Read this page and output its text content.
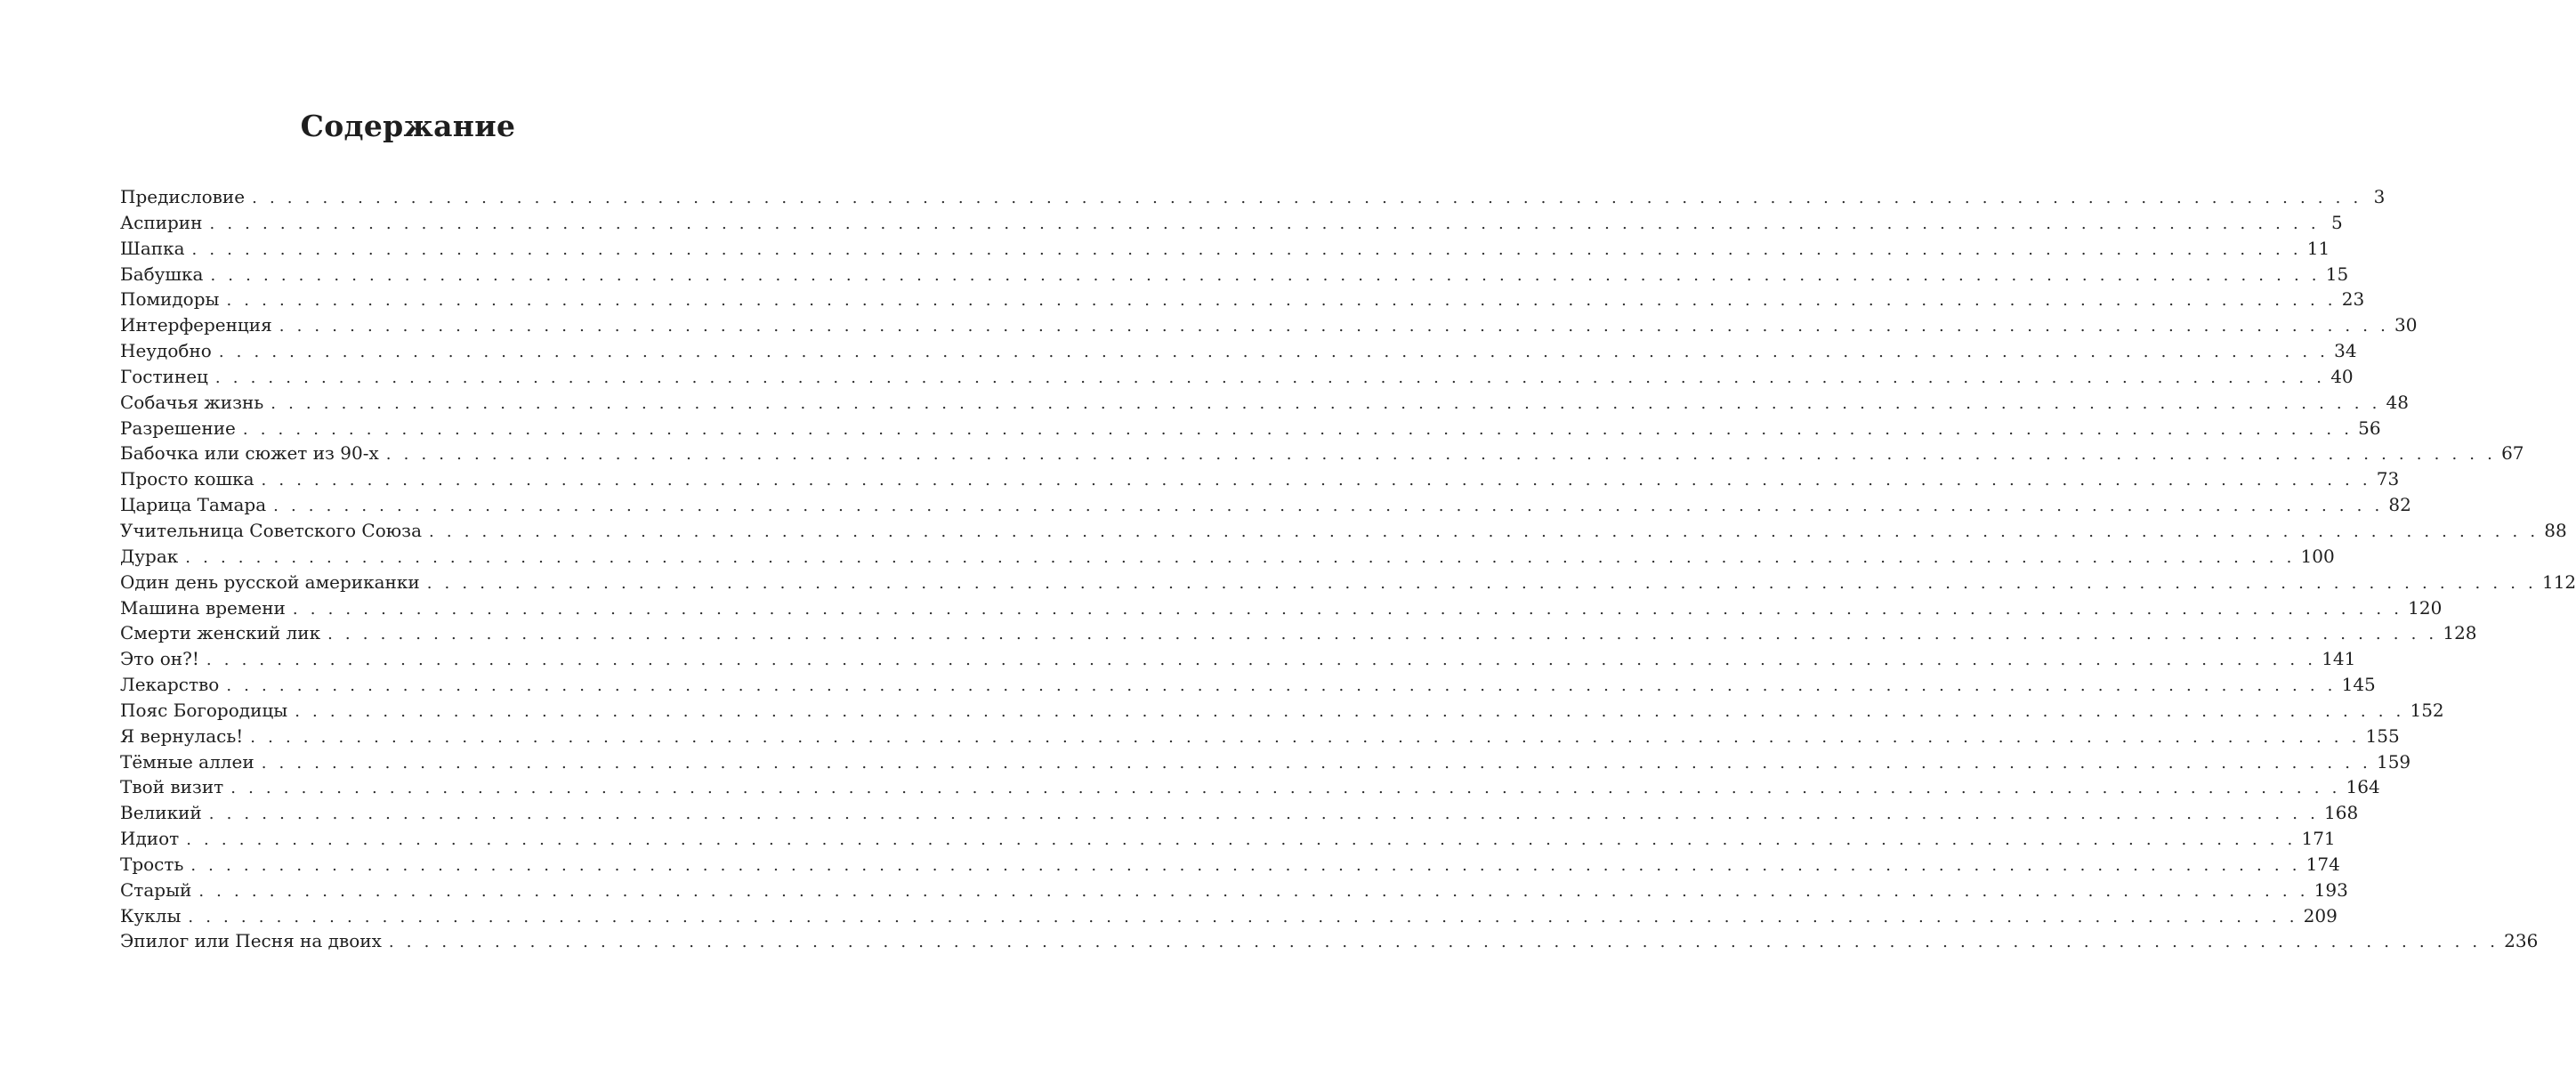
Содержание
Предисловие . . . . . . . . . . . . . . . . . . . . . . . . . . . . . . . . . . . . . . . . . . . . . . . . . . . . . . . . . . . . . . . . . . . . . . . . . . . . . . . . . . . . . . . . . . . . . . . . . . . . . . . . . . . . . . . . . . . . . . . . 3
Аспирин . . . . . . . . . . . . . . . . . . . . . . . . . . . . . . . . . . . . . . . . . . . . . . . . . . . . . . . . . . . . . . . . . . . . . . . . . . . . . . . . . . . . . . . . . . . . . . . . . . . . . . . . . . . . . . . . . . . . . . . . 5
Шапка . . . . . . . . . . . . . . . . . . . . . . . . . . . . . . . . . . . . . . . . . . . . . . . . . . . . . . . . . . . . . . . . . . . . . . . . . . . . . . . . . . . . . . . . . . . . . . . . . . . . . . . . . . . . . . . . . . . . . . . . 11
Бабушка . . . . . . . . . . . . . . . . . . . . . . . . . . . . . . . . . . . . . . . . . . . . . . . . . . . . . . . . . . . . . . . . . . . . . . . . . . . . . . . . . . . . . . . . . . . . . . . . . . . . . . . . . . . . . . . . . . . . . . . . 15
Помидоры . . . . . . . . . . . . . . . . . . . . . . . . . . . . . . . . . . . . . . . . . . . . . . . . . . . . . . . . . . . . . . . . . . . . . . . . . . . . . . . . . . . . . . . . . . . . . . . . . . . . . . . . . . . . . . . . . . . . . . . . 23
Интерференция . . . . . . . . . . . . . . . . . . . . . . . . . . . . . . . . . . . . . . . . . . . . . . . . . . . . . . . . . . . . . . . . . . . . . . . . . . . . . . . . . . . . . . . . . . . . . . . . . . . . . . . . . . . . . . . . . . . . . . . . 30
Неудобно . . . . . . . . . . . . . . . . . . . . . . . . . . . . . . . . . . . . . . . . . . . . . . . . . . . . . . . . . . . . . . . . . . . . . . . . . . . . . . . . . . . . . . . . . . . . . . . . . . . . . . . . . . . . . . . . . . . . . . . . 34
Гостинец . . . . . . . . . . . . . . . . . . . . . . . . . . . . . . . . . . . . . . . . . . . . . . . . . . . . . . . . . . . . . . . . . . . . . . . . . . . . . . . . . . . . . . . . . . . . . . . . . . . . . . . . . . . . . . . . . . . . . . . . 40
Собачья жизнь . . . . . . . . . . . . . . . . . . . . . . . . . . . . . . . . . . . . . . . . . . . . . . . . . . . . . . . . . . . . . . . . . . . . . . . . . . . . . . . . . . . . . . . . . . . . . . . . . . . . . . . . . . . . . . . . . . . . . . . . 48
Разрешение . . . . . . . . . . . . . . . . . . . . . . . . . . . . . . . . . . . . . . . . . . . . . . . . . . . . . . . . . . . . . . . . . . . . . . . . . . . . . . . . . . . . . . . . . . . . . . . . . . . . . . . . . . . . . . . . . . . . . . . . 56
Бабочка или сюжет из 90-х . . . . . . . . . . . . . . . . . . . . . . . . . . . . . . . . . . . . . . . . . . . . . . . . . . . . . . . . . . . . . . . . . . . . . . . . . . . . . . . . . . . . . . . . . . . . . . . . . . . . . . . . . . . . . . . . . . . . . . . . 67
Просто кошка . . . . . . . . . . . . . . . . . . . . . . . . . . . . . . . . . . . . . . . . . . . . . . . . . . . . . . . . . . . . . . . . . . . . . . . . . . . . . . . . . . . . . . . . . . . . . . . . . . . . . . . . . . . . . . . . . . . . . . . . 73
Царица Тамара . . . . . . . . . . . . . . . . . . . . . . . . . . . . . . . . . . . . . . . . . . . . . . . . . . . . . . . . . . . . . . . . . . . . . . . . . . . . . . . . . . . . . . . . . . . . . . . . . . . . . . . . . . . . . . . . . . . . . . . . 82
Учительница Советского Союза . . . . . . . . . . . . . . . . . . . . . . . . . . . . . . . . . . . . . . . . . . . . . . . . . . . . . . . . . . . . . . . . . . . . . . . . . . . . . . . . . . . . . . . . . . . . . . . . . . . . . . . . . . . . . . . . . . . . . . . . 88
Дурак . . . . . . . . . . . . . . . . . . . . . . . . . . . . . . . . . . . . . . . . . . . . . . . . . . . . . . . . . . . . . . . . . . . . . . . . . . . . . . . . . . . . . . . . . . . . . . . . . . . . . . . . . . . . . . . . . . . . . . . . 100
Один день русской американки . . . . . . . . . . . . . . . . . . . . . . . . . . . . . . . . . . . . . . . . . . . . . . . . . . . . . . . . . . . . . . . . . . . . . . . . . . . . . . . . . . . . . . . . . . . . . . . . . . . . . . . . . . . . . . . . . . . . . . . . 112
Машина времени . . . . . . . . . . . . . . . . . . . . . . . . . . . . . . . . . . . . . . . . . . . . . . . . . . . . . . . . . . . . . . . . . . . . . . . . . . . . . . . . . . . . . . . . . . . . . . . . . . . . . . . . . . . . . . . . . . . . . . . . 120
Смерти женский лик . . . . . . . . . . . . . . . . . . . . . . . . . . . . . . . . . . . . . . . . . . . . . . . . . . . . . . . . . . . . . . . . . . . . . . . . . . . . . . . . . . . . . . . . . . . . . . . . . . . . . . . . . . . . . . . . . . . . . . . . 128
Это он?! . . . . . . . . . . . . . . . . . . . . . . . . . . . . . . . . . . . . . . . . . . . . . . . . . . . . . . . . . . . . . . . . . . . . . . . . . . . . . . . . . . . . . . . . . . . . . . . . . . . . . . . . . . . . . . . . . . . . . . . . 141
Лекарство . . . . . . . . . . . . . . . . . . . . . . . . . . . . . . . . . . . . . . . . . . . . . . . . . . . . . . . . . . . . . . . . . . . . . . . . . . . . . . . . . . . . . . . . . . . . . . . . . . . . . . . . . . . . . . . . . . . . . . . . 145
Пояс Богородицы . . . . . . . . . . . . . . . . . . . . . . . . . . . . . . . . . . . . . . . . . . . . . . . . . . . . . . . . . . . . . . . . . . . . . . . . . . . . . . . . . . . . . . . . . . . . . . . . . . . . . . . . . . . . . . . . . . . . . . . . 152
Я вернулась! . . . . . . . . . . . . . . . . . . . . . . . . . . . . . . . . . . . . . . . . . . . . . . . . . . . . . . . . . . . . . . . . . . . . . . . . . . . . . . . . . . . . . . . . . . . . . . . . . . . . . . . . . . . . . . . . . . . . . . . . 155
Тёмные аллеи . . . . . . . . . . . . . . . . . . . . . . . . . . . . . . . . . . . . . . . . . . . . . . . . . . . . . . . . . . . . . . . . . . . . . . . . . . . . . . . . . . . . . . . . . . . . . . . . . . . . . . . . . . . . . . . . . . . . . . . . 159
Твой визит . . . . . . . . . . . . . . . . . . . . . . . . . . . . . . . . . . . . . . . . . . . . . . . . . . . . . . . . . . . . . . . . . . . . . . . . . . . . . . . . . . . . . . . . . . . . . . . . . . . . . . . . . . . . . . . . . . . . . . . . 164
Великий . . . . . . . . . . . . . . . . . . . . . . . . . . . . . . . . . . . . . . . . . . . . . . . . . . . . . . . . . . . . . . . . . . . . . . . . . . . . . . . . . . . . . . . . . . . . . . . . . . . . . . . . . . . . . . . . . . . . . . . . 168
Идиот . . . . . . . . . . . . . . . . . . . . . . . . . . . . . . . . . . . . . . . . . . . . . . . . . . . . . . . . . . . . . . . . . . . . . . . . . . . . . . . . . . . . . . . . . . . . . . . . . . . . . . . . . . . . . . . . . . . . . . . . 171
Трость . . . . . . . . . . . . . . . . . . . . . . . . . . . . . . . . . . . . . . . . . . . . . . . . . . . . . . . . . . . . . . . . . . . . . . . . . . . . . . . . . . . . . . . . . . . . . . . . . . . . . . . . . . . . . . . . . . . . . . . . 174
Старый . . . . . . . . . . . . . . . . . . . . . . . . . . . . . . . . . . . . . . . . . . . . . . . . . . . . . . . . . . . . . . . . . . . . . . . . . . . . . . . . . . . . . . . . . . . . . . . . . . . . . . . . . . . . . . . . . . . . . . . . 193
Куклы . . . . . . . . . . . . . . . . . . . . . . . . . . . . . . . . . . . . . . . . . . . . . . . . . . . . . . . . . . . . . . . . . . . . . . . . . . . . . . . . . . . . . . . . . . . . . . . . . . . . . . . . . . . . . . . . . . . . . . . . 209
Эпилог или Песня на двоих . . . . . . . . . . . . . . . . . . . . . . . . . . . . . . . . . . . . . . . . . . . . . . . . . . . . . . . . . . . . . . . . . . . . . . . . . . . . . . . . . . . . . . . . . . . . . . . . . . . . . . . . . . . . . . . . . . . . . . . . 236
